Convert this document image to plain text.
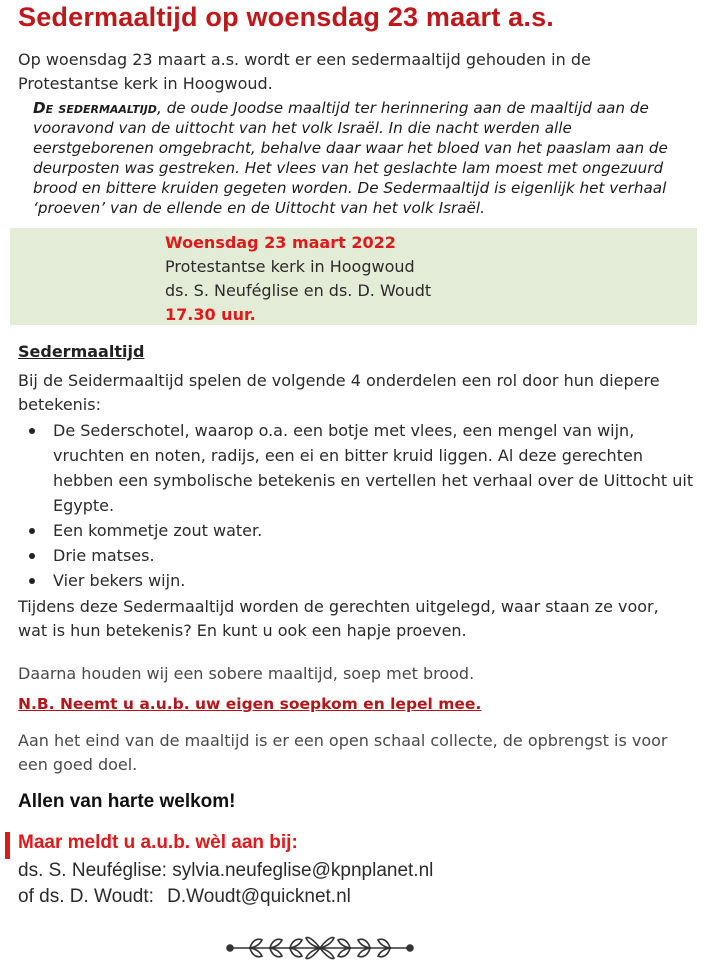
Sedermaaltijd op woensdag 23 maart a.s.
Op woensdag 23 maart a.s. wordt er een sedermaaltijd gehouden in de Protestantse kerk in Hoogwoud.
De sedermaaltijd, de oude Joodse maaltijd ter herinnering aan de maaltijd aan de vooravond van de uittocht van het volk Israël. In die nacht werden alle eerstgeborenen omgebracht, behalve daar waar het bloed van het paaslam aan de deurposten was gestreken. Het vlees van het geslachte lam moest met ongezuurd brood en bittere kruiden gegeten worden. De Sedermaaltijd is eigenlijk het verhaal ‘proeven’ van de ellende en de Uittocht van het volk Israël.
Woensdag 23 maart 2022
Protestantse kerk in Hoogwoud
ds. S. Neuféglise en ds. D. Woudt
17.30 uur.
Sedermaaltijd
Bij de Seidermaaltijd spelen de volgende 4 onderdelen een rol door hun diepere betekenis:
De Sederschotel, waarop o.a. een botje met vlees, een mengel van wijn, vruchten en noten, radijs, een ei en bitter kruid liggen. Al deze gerechten hebben een symbolische betekenis en vertellen het verhaal over de Uittocht uit Egypte.
Een kommetje zout water.
Drie matses.
Vier bekers wijn.
Tijdens deze Sedermaaltijd worden de gerechten uitgelegd, waar staan ze voor, wat is hun betekenis? En kunt u ook een hapje proeven.
Daarna houden wij een sobere maaltijd, soep met brood.
N.B. Neemt u a.u.b. uw eigen soepkom en lepel mee.
Aan het eind van de maaltijd is er een open schaal collecte, de opbrengst is voor een goed doel.
Allen van harte welkom!
Maar meldt u a.u.b. wèl aan bij:
ds. S. Neuféglise: sylvia.neufeglise@kpnplanet.nl
of ds. D. Woudt: D.Woudt@quicknet.nl
